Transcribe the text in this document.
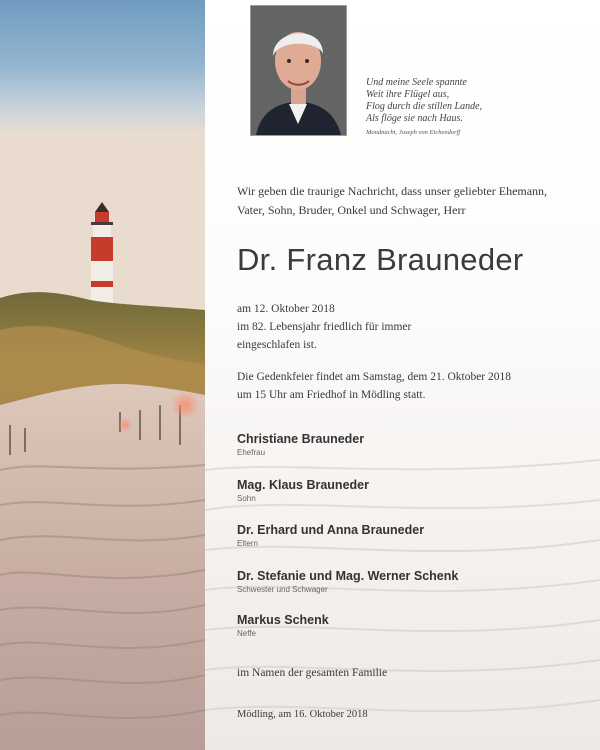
Und meine Seele spannte
Weit ihre Flügel aus,
Flog durch die stillen Lande,
Als flöge sie nach Haus.
Mondnacht, Joseph von Eichendorff
Wir geben die traurige Nachricht, dass unser geliebter Ehemann,
Vater, Sohn, Bruder, Onkel und Schwager, Herr
Dr. Franz Brauneder
am 12. Oktober 2018
im 82. Lebensjahr friedlich für immer
eingeschlafen ist.
Die Gedenkfeier findet am Samstag, dem 21. Oktober 2018
um 15 Uhr am Friedhof in Mödling statt.
Christiane Brauneder
Ehefrau
Mag. Klaus Brauneder
Sohn
Dr. Erhard und Anna Brauneder
Eltern
Dr. Stefanie und Mag. Werner Schenk
Schwester und Schwager
Markus Schenk
Neffe
im Namen der gesamten Familie
Mödling, am 16. Oktober 2018
